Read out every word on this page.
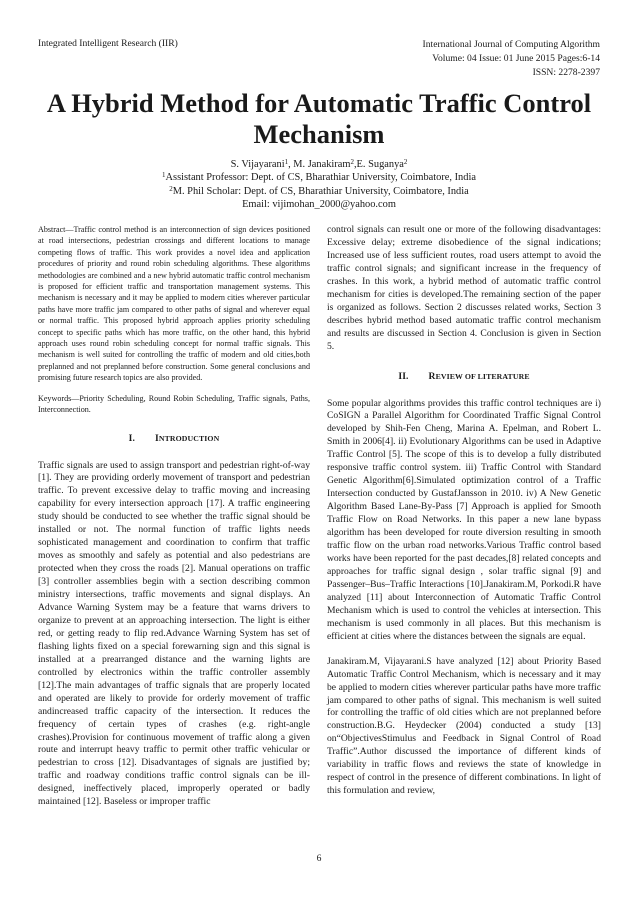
Integrated Intelligent Research (IIR)	International Journal of Computing Algorithm
Volume: 04 Issue: 01 June 2015 Pages:6-14
ISSN: 2278-2397
A Hybrid Method for Automatic Traffic Control
Mechanism
S. Vijayarani$^1$, M. Janakiram$^2$,E. Suganya$^2$
$^1$Assistant Professor: Dept. of CS, Bharathiar University, Coimbatore, India
$^2$M. Phil Scholar: Dept. of CS, Bharathiar University, Coimbatore, India
Email: vijimohan_2000@yahoo.com

Abstract—Traffic control method is an interconnection of sign devices positioned at road intersections, pedestrian crossings and different locations to manage competing flows of traffic. This work provides a novel idea and application procedures of priority and round robin scheduling algorithms. These algorithms methodologies are combined and a new hybrid automatic traffic control mechanism is proposed for efficient traffic and transportation management systems. This mechanism is necessary and it may be applied to modern cities wherever particular paths have more traffic jam compared to other paths of signal and wherever equal or normal traffic. This proposed hybrid approach applies priority scheduling concept to specific paths which has more traffic, on the other hand, this hybrid approach uses round robin scheduling concept for normal traffic signals. This mechanism is well suited for controlling the traffic of modern and old cities,both preplanned and not preplanned before construction. Some general conclusions and promising future research topics are also provided.

Keywords—Priority Scheduling, Round Robin Scheduling, Traffic signals, Paths, Interconnection.

I. INTRODUCTION

Traffic signals are used to assign transport and pedestrian right-of-way [1]. They are providing orderly movement of transport and pedestrian traffic. To prevent excessive delay to traffic moving and increasing capability for every intersection approach [17]. A traffic engineering study should be conducted to see whether the traffic signal should be installed or not. The normal function of traffic lights needs sophisticated management and coordination to confirm that traffic moves as smoothly and safely as potential and also pedestrians are protected when they cross the roads [2]. Manual operations on traffic [3] controller assemblies begin with a section describing common ministry intersections, traffic movements and signal displays. An Advance Warning System may be a feature that warns drivers to organize to prevent at an approaching intersection. The light is either red, or getting ready to flip red.Advance Warning System has set of flashing lights fixed on a special forewarning sign and this signal is installed at a prearranged distance and the warning lights are controlled by electronics within the traffic controller assembly [12].The main advantages of traffic signals that are properly located and operated are likely to provide for orderly movement of traffic andincreased traffic capacity of the intersection. It reduces the frequency of certain types of crashes (e.g. right-angle crashes).Provision for continuous movement of traffic along a given route and interrupt heavy traffic to permit other traffic vehicular or pedestrian to cross [12]. Disadvantages of signals are justified by; traffic and roadway conditions traffic control signals can be ill-designed, ineffectively placed, improperly operated or badly maintained [12]. Baseless or improper traffic

control signals can result one or more of the following disadvantages: Excessive delay; extreme disobedience of the signal indications; Increased use of less sufficient routes, road users attempt to avoid the traffic control signals; and significant increase in the frequency of crashes. In this work, a hybrid method of automatic traffic control mechanism for cities is developed.The remaining section of the paper is organized as follows. Section 2 discusses related works, Section 3 describes hybrid method based automatic traffic control mechanism and results are discussed in Section 4. Conclusion is given in Section 5.

II. REVIEW OF LITERATURE

Some popular algorithms provides this traffic control techniques are i) CoSIGN a Parallel Algorithm for Coordinated Traffic Signal Control developed by Shih-Fen Cheng, Marina A. Epelman, and Robert L. Smith in 2006[4]. ii) Evolutionary Algorithms can be used in Adaptive Traffic Control [5]. The scope of this is to develop a fully distributed responsive traffic control system. iii) Traffic Control with Standard Genetic Algorithm[6].Simulated optimization control of a Traffic Intersection conducted by GustafJansson in 2010. iv) A New Genetic Algorithm Based Lane-By-Pass [7] Approach is applied for Smooth Traffic Flow on Road Networks. In this paper a new lane bypass algorithm has been developed for route diversion resulting in smooth traffic flow on the urban road networks.Various Traffic control based works have been reported for the past decades,[8] related concepts and approaches for traffic signal design , solar traffic signal [9] and Passenger–Bus–Traffic Interactions [10].Janakiram.M, Porkodi.R have analyzed [11] about Interconnection of Automatic Traffic Control Mechanism which is used to control the vehicles at intersection. This mechanism is used commonly in all places. But this mechanism is efficient at cities where the distances between the signals are equal.

Janakiram.M, Vijayarani.S have analyzed [12] about Priority Based Automatic Traffic Control Mechanism, which is necessary and it may be applied to modern cities wherever particular paths have more traffic jam compared to other paths of signal. This mechanism is well suited for controlling the traffic of old cities which are not preplanned before construction.B.G. Heydecker (2004) conducted a study [13] on“ObjectivesStimulus and Feedback in Signal Control of Road Traffic”.Author discussed the importance of different kinds of variability in traffic flows and reviews the state of knowledge in respect of control in the presence of different combinations. In light of this formulation and review,

6
